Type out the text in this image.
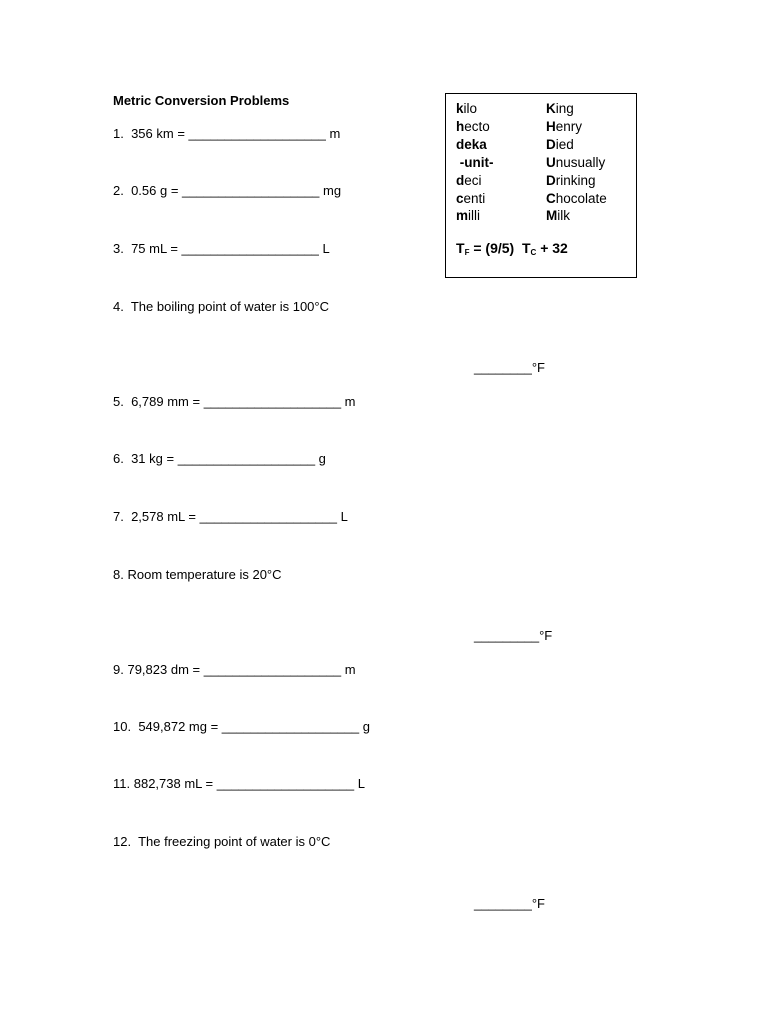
Metric Conversion Problems
1. 356 km = ___________________ m
2. 0.56 g = ___________________ mg
3. 75 mL = ___________________ L
4. The boiling point of water is 100°C
________°F
5. 6,789 mm = ___________________ m
6. 31 kg = ___________________ g
7. 2,578 mL = ___________________ L
8. Room temperature is 20°C
_________°F
9. 79,823 dm = ___________________ m
10. 549,872 mg = ___________________ g
11. 882,738 mL = ___________________ L
12. The freezing point of water is 0°C
________°F
kilo
hecto
deka
-unit-
deci
centi
milli
King
Henry
Died
Unusually
Drinking
Chocolate
Milk
$T_F = (9/5) T_C + 32$
